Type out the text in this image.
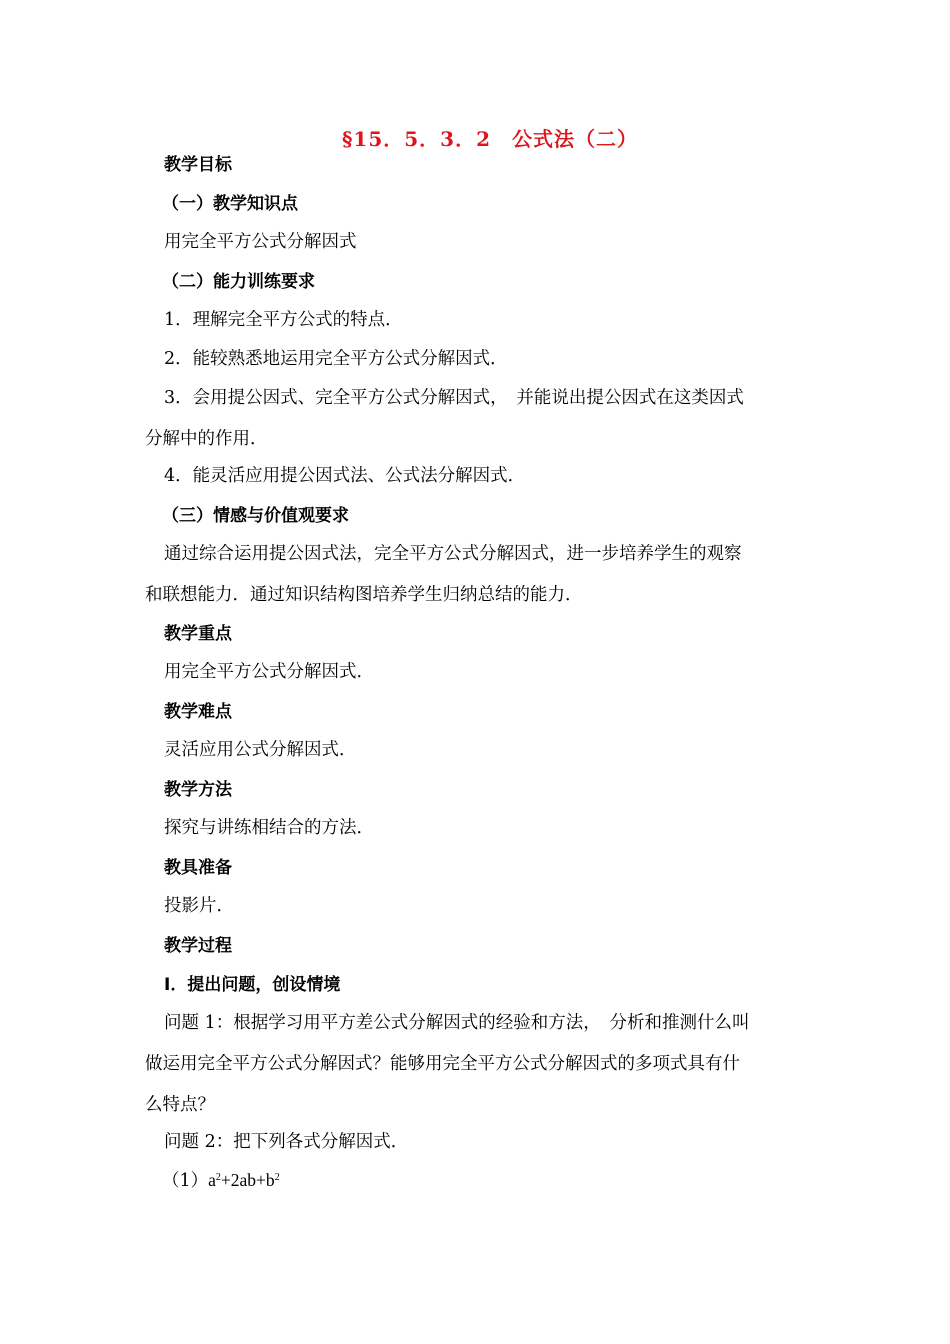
§15．5．3．2　公式法（二）
教学目标
（一）教学知识点
用完全平方公式分解因式
（二）能力训练要求
1．理解完全平方公式的特点．
2．能较熟悉地运用完全平方公式分解因式．
3．会用提公因式、完全平方公式分解因式，　并能说出提公因式在这类因式
分解中的作用．
4．能灵活应用提公因式法、公式法分解因式．
（三）情感与价值观要求
通过综合运用提公因式法，完全平方公式分解因式，进一步培养学生的观察
和联想能力．通过知识结构图培养学生归纳总结的能力．
教学重点
用完全平方公式分解因式．
教学难点
灵活应用公式分解因式．
教学方法
探究与讲练相结合的方法．
教具准备
投影片．
教学过程
Ⅰ．提出问题，创设情境
问题 1：根据学习用平方差公式分解因式的经验和方法，　分析和推测什么叫
做运用完全平方公式分解因式？能够用完全平方公式分解因式的多项式具有什
么特点？
问题 2：把下列各式分解因式．
$(1)a^2+2ab+b^2$
